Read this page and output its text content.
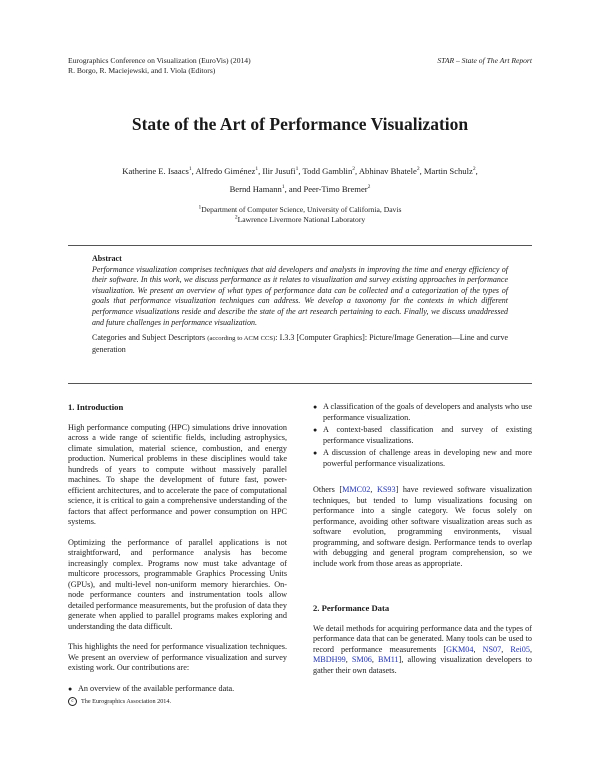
Eurographics Conference on Visualization (EuroVis) (2014)
R. Borgo, R. Maciejewski, and I. Viola (Editors)
STAR – State of The Art Report
State of the Art of Performance Visualization
Katherine E. Isaacs$^1$, Alfredo Giménez$^1$, Ilir Jusufi$^1$, Todd Gamblin$^2$, Abhinav Bhatele$^2$, Martin Schulz$^2$, Bernd Hamann$^1$, and Peer-Timo Bremer$^2$
$^1$Department of Computer Science, University of California, Davis
$^2$Lawrence Livermore National Laboratory
Abstract
Performance visualization comprises techniques that aid developers and analysts in improving the time and energy efficiency of their software. In this work, we discuss performance as it relates to visualization and survey existing approaches in performance visualization. We present an overview of what types of performance data can be collected and a categorization of the types of goals that performance visualization techniques can address. We develop a taxonomy for the contexts in which different performance visualizations reside and describe the state of the art research pertaining to each. Finally, we discuss unaddressed and future challenges in performance visualization.
Categories and Subject Descriptors (according to ACM CCS): I.3.3 [Computer Graphics]: Picture/Image Generation—Line and curve generation
1. Introduction

High performance computing (HPC) simulations drive innovation across a wide range of scientific fields, including astrophysics, climate simulation, material science, combustion, and energy production. Numerical problems in these disciplines would take hundreds of years to compute without massively parallel machines. To shape the development of future fast, power-efficient architectures, and to accelerate the pace of computational science, it is critical to gain a comprehensive understanding of the factors that affect performance and power consumption on HPC systems.

Optimizing the performance of parallel applications is not straightforward, and performance analysis has become increasingly complex. Programs now must take advantage of multicore processors, programmable Graphics Processing Units (GPUs), and multi-level non-uniform memory hierarchies. On-node performance counters and instrumentation tools allow detailed performance measurements, but the profusion of data they generate when applied to parallel programs makes exploring and understanding the data difficult.

This highlights the need for performance visualization techniques. We present an overview of performance visualization and survey existing work. Our contributions are:

● An overview of the available performance data.
● A classification of the goals of developers and analysts who use performance visualization.
● A context-based classification and survey of existing performance visualizations.
● A discussion of challenge areas in developing new and more powerful performance visualizations.

Others [MMC02, KS93] have reviewed software visualization techniques, but tended to lump visualizations focusing on performance into a single category. We focus solely on performance, avoiding other software visualization areas such as software evolution, programming environments, visual programming, and software design. Performance tends to overlap with debugging and general program comprehension, so we include work from those areas as appropriate.

2. Performance Data

We detail methods for acquiring performance data and the types of performance data that can be generated. Many tools can be used to record performance measurements [GKM04, NS07, Rei05, MBDH99, SM06, BM11], allowing visualization developers to gather their own datasets.

c	The Eurographics Association 2014.
